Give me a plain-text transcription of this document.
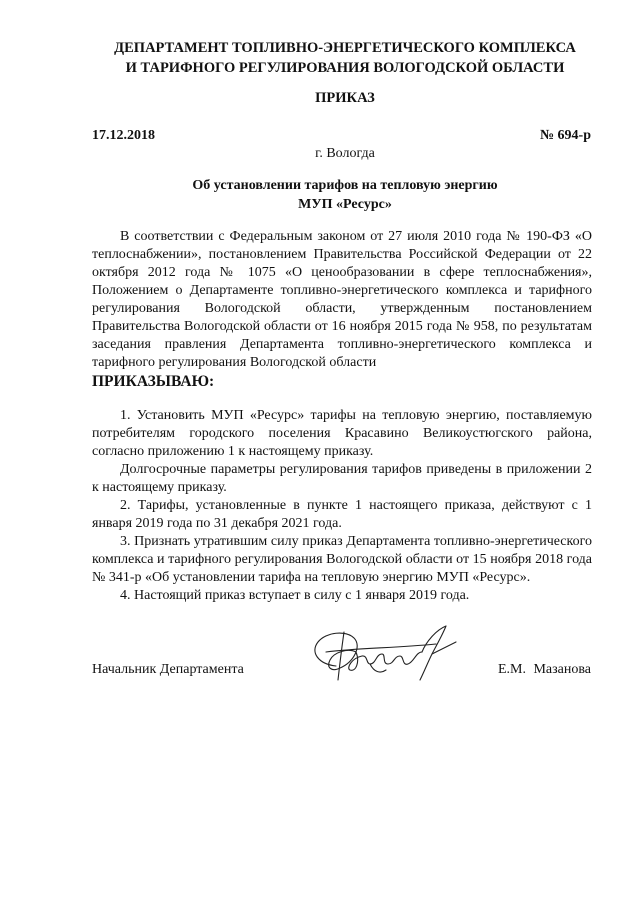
ДЕПАРТАМЕНТ ТОПЛИВНО-ЭНЕРГЕТИЧЕСКОГО КОМПЛЕКСА
И ТАРИФНОГО РЕГУЛИРОВАНИЯ ВОЛОГОДСКОЙ ОБЛАСТИ
ПРИКАЗ
17.12.2018	№ 694-р
г. Вологда
Об установлении тарифов на тепловую энергию
МУП «Ресурс»

В соответствии с Федеральным законом от 27 июля 2010 года № 190-ФЗ «О теплоснабжении», постановлением Правительства Российской Федерации от 22 октября 2012 года № 1075 «О ценообразовании в сфере теплоснабжения», Положением о Департаменте топливно-энергетического комплекса и тарифного регулирования Вологодской области, утвержденным постановлением Правительства Вологодской области от 16 ноября 2015 года № 958, по результатам заседания правления Департамента топливно-энергетического комплекса и тарифного регулирования Вологодской области

ПРИКАЗЫВАЮ:

1. Установить МУП «Ресурс» тарифы на тепловую энергию, поставляемую потребителям городского поселения Красавино Великоустюгского района, согласно приложению 1 к настоящему приказу.

Долгосрочные параметры регулирования тарифов приведены в приложении 2 к настоящему приказу.

2. Тарифы, установленные в пункте 1 настоящего приказа, действуют с 1 января 2019 года по 31 декабря 2021 года.

3. Признать утратившим силу приказ Департамента топливно-энергетического комплекса и тарифного регулирования Вологодской области от 15 ноября 2018 года № 341-р «Об установлении тарифа на тепловую энергию МУП «Ресурс».

4. Настоящий приказ вступает в силу с 1 января 2019 года.

Начальник Департамента	Е.М. Мазанова
